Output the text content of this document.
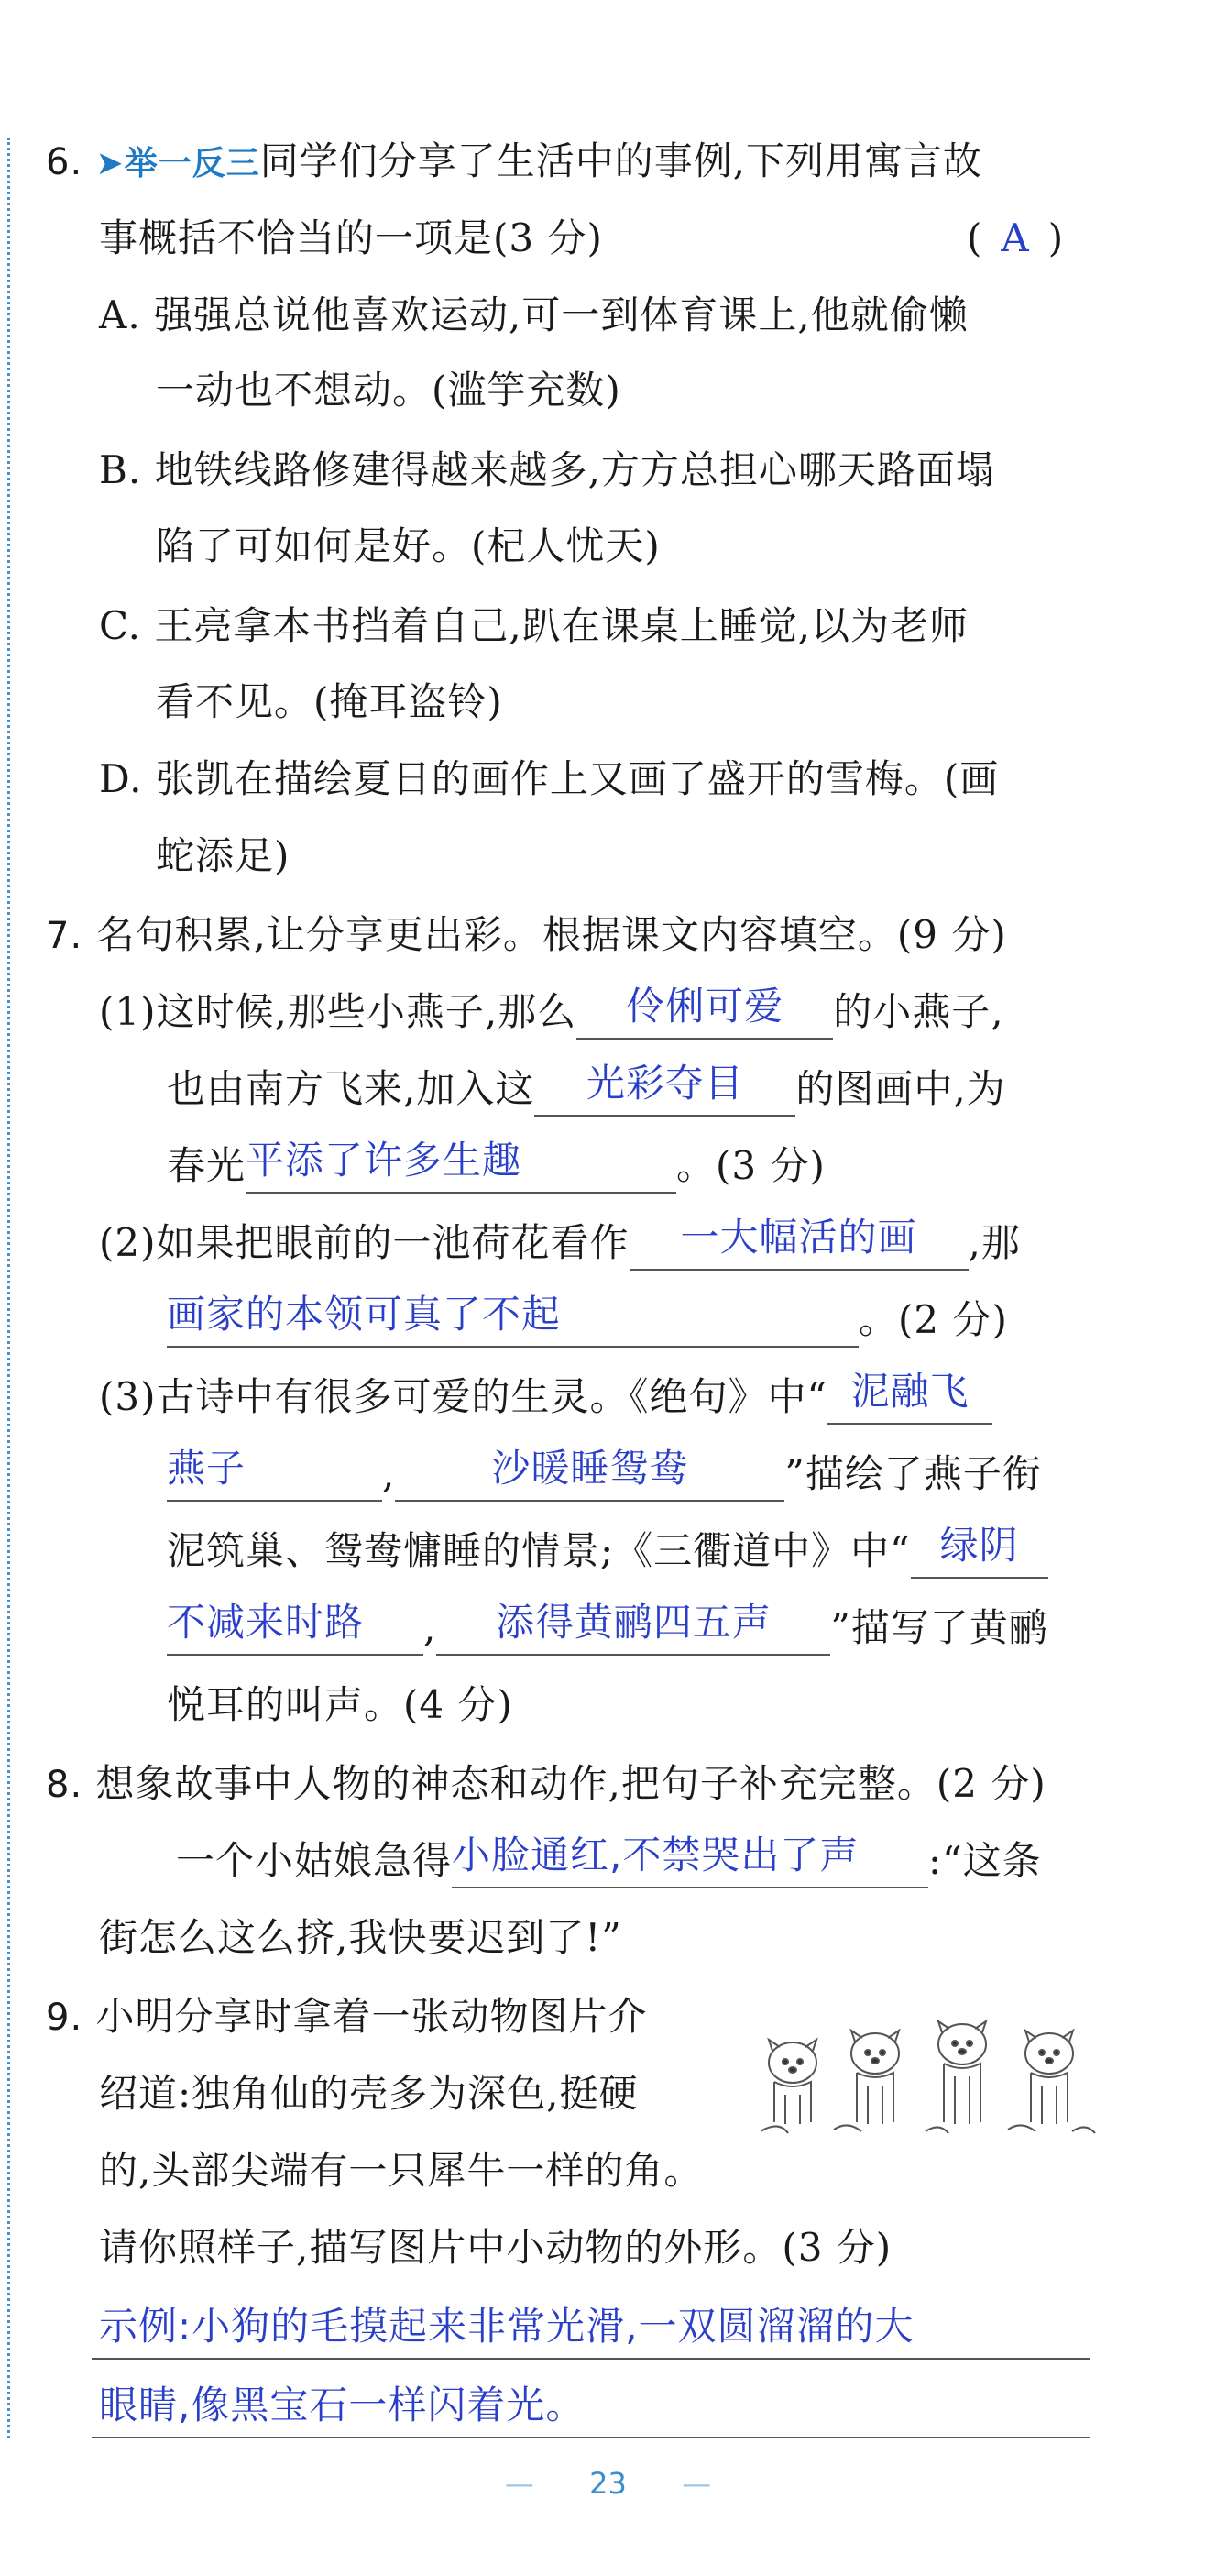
6. ➤举一反三同学们分享了生活中的事例,下列用寓言故
事概括不恰当的一项是(3 分)	( A )
A. 强强总说他喜欢运动,可一到体育课上,他就偷懒
一动也不想动。(滥竽充数)
B. 地铁线路修建得越来越多,方方总担心哪天路面塌
陷了可如何是好。(杞人忧天)
C. 王亮拿本书挡着自己,趴在课桌上睡觉,以为老师
看不见。(掩耳盗铃)
D. 张凯在描绘夏日的画作上又画了盛开的雪梅。(画
蛇添足)
7. 名句积累,让分享更出彩。根据课文内容填空。(9 分)
(1)这时候,那些小燕子,那么 伶俐可爱 的小燕子,
也由南方飞来,加入这 光彩夺目 的图画中,为
春光平添了许多生趣	。(3 分)
(2)如果把眼前的一池荷花看作 一大幅活的画 ,那
画家的本领可真了不起	。(2 分)
(3)古诗中有很多可爱的生灵。《绝句》中“ 泥融飞
燕子	, 沙暖睡鸳鸯	”描绘了燕子衔
泥筑巢、鸳鸯慵睡的情景;《三衢道中》中“ 绿阴
不减来时路 , 添得黄鹂四五声 ”描写了黄鹂
悦耳的叫声。(4 分)
8. 想象故事中人物的神态和动作,把句子补充完整。(2 分)
一个小姑娘急得小脸通红,不禁哭出了声 :“这条
街怎么这么挤,我快要迟到了!”
9. 小明分享时拿着一张动物图片介
绍道:独角仙的壳多为深色,挺硬
的,头部尖端有一只犀牛一样的角。
请你照样子,描写图片中小动物的外形。(3 分)
示例:小狗的毛摸起来非常光滑,一双圆溜溜的大
眼睛,像黑宝石一样闪着光。
— 23 —
